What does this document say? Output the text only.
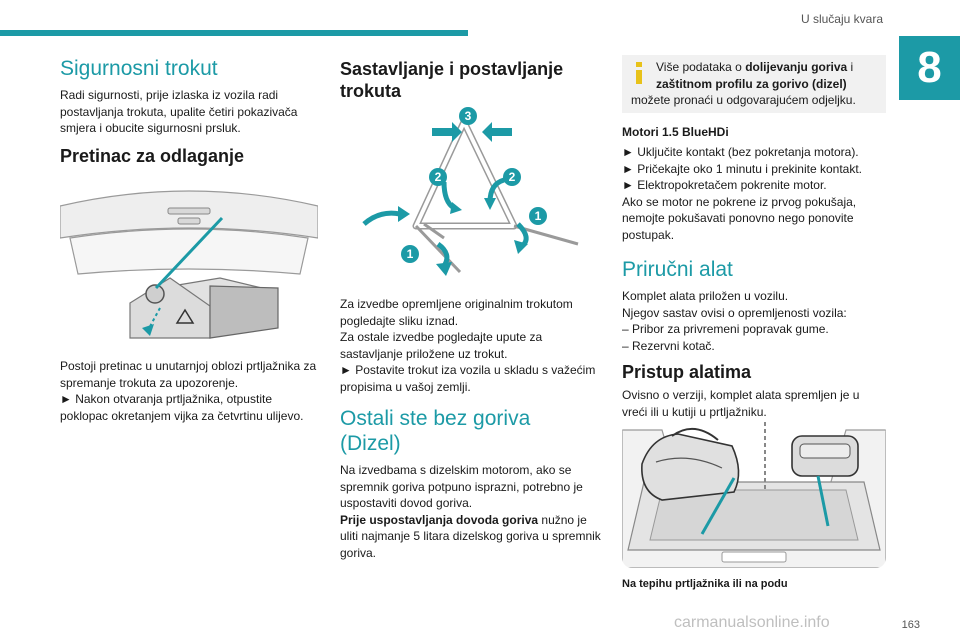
U slučaju kvara
8
Sigurnosni trokut

Radi sigurnosti, prije izlaska iz vozila radi

postavljanja trokuta, upalite četiri pokazivača

smjera i obucite sigurnosni prsluk.

Pretinac za odlaganje

Postoji pretinac u unutarnjoj oblozi prtljažnika za

spremanje trokuta za upozorenje.

► Nakon otvaranja prtljažnika, otpustite

poklopac okretanjem vijka za četvrtinu ulijevo.

Sastavljanje i postavljanje
trokuta
3
2	2
1
1

Za izvedbe opremljene originalnim trokutom

pogledajte sliku iznad.

Za ostale izvedbe pogledajte upute za

sastavljanje priložene uz trokut.

► Postavite trokut iza vozila u skladu s važećim

propisima u vašoj zemlji.

Ostali ste bez goriva
(Dizel)

Na izvedbama s dizelskim motorom, ako se

spremnik goriva potpuno isprazni, potrebno je

uspostaviti dovod goriva.

Prije uspostavljanja dovoda goriva nužno je

uliti najmanje 5 litara dizelskog goriva u spremnik

goriva.

Više podataka o dolijevanju goriva i

zaštitnom profilu za gorivo (dizel)

možete pronaći u odgovarajućem odjeljku.

Motori 1.5 BlueHDi

► Uključite kontakt (bez pokretanja motora).

► Pričekajte oko 1 minutu i prekinite kontakt.

► Elektropokretačem pokrenite motor.

Ako se motor ne pokrene iz prvog pokušaja,

nemojte pokušavati ponovno nego ponovite

postupak.

Priručni alat

Komplet alata priložen u vozilu.

Njegov sastav ovisi o opremljenosti vozila:

– Pribor za privremeni popravak gume.

– Rezervni kotač.

Pristup alatima

Ovisno o verziji, komplet alata spremljen je u

vreći ili u kutiji u prtljažniku.

Na tepihu prtljažnika ili na podu

163
carmanualsonline.info
